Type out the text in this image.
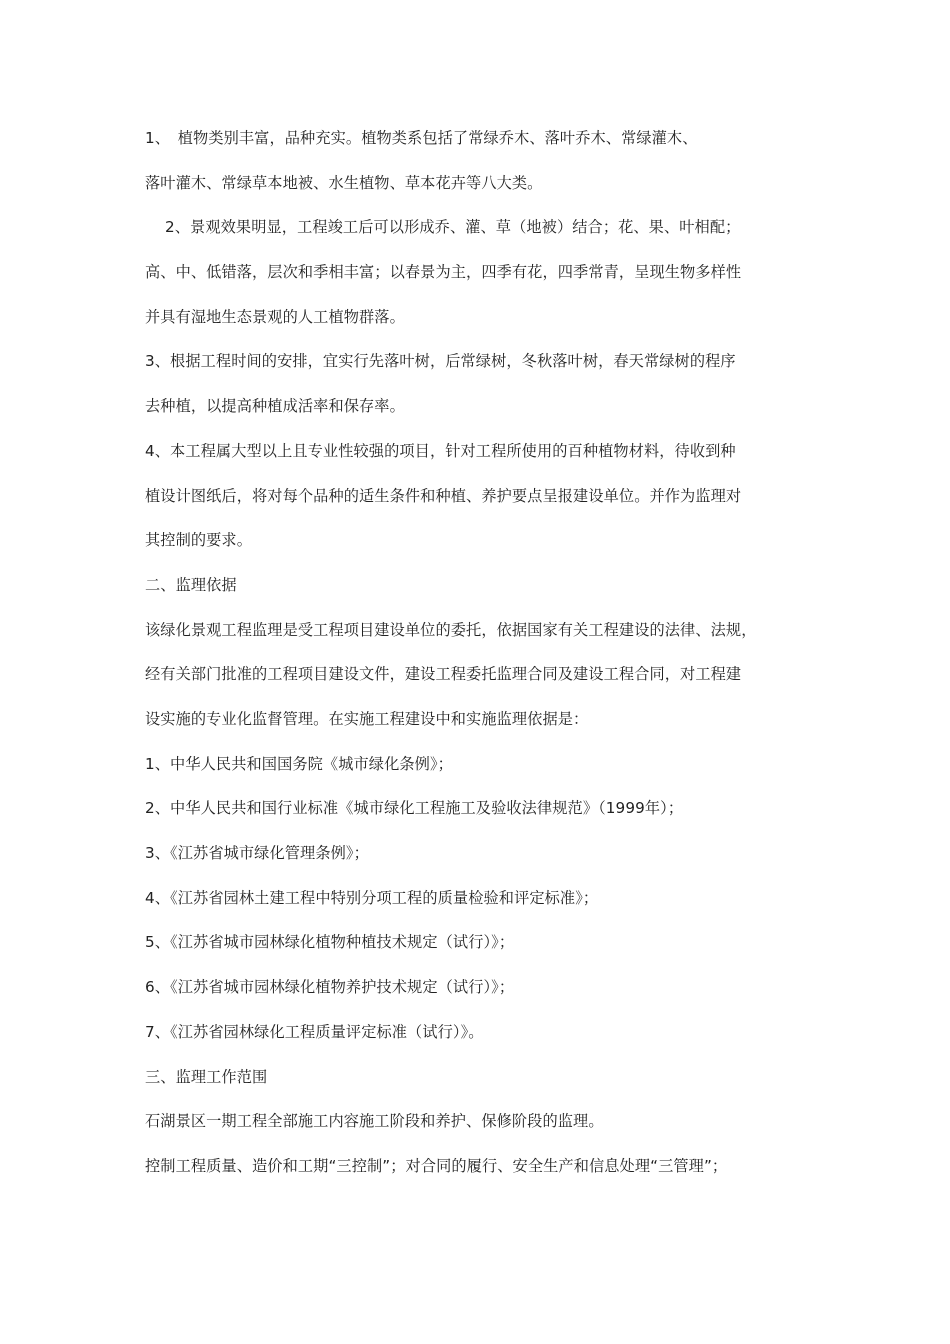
1、　植物类别丰富，品种充实。植物类系包括了常绿乔木、落叶乔木、常绿灌木、
落叶灌木、常绿草本地被、水生植物、草本花卉等八大类。
2、景观效果明显，工程竣工后可以形成乔、灌、草（地被）结合；花、果、叶相配；
高、中、低错落，层次和季相丰富；以春景为主，四季有花，四季常青，呈现生物多样性
并具有湿地生态景观的人工植物群落。
3、根据工程时间的安排，宜实行先落叶树，后常绿树，冬秋落叶树，春天常绿树的程序
去种植，以提高种植成活率和保存率。
4、本工程属大型以上且专业性较强的项目，针对工程所使用的百种植物材料，待收到种
植设计图纸后，将对每个品种的适生条件和种植、养护要点呈报建设单位。并作为监理对
其控制的要求。
二、监理依据
该绿化景观工程监理是受工程项目建设单位的委托，依据国家有关工程建设的法律、法规，
经有关部门批准的工程项目建设文件，建设工程委托监理合同及建设工程合同，对工程建
设实施的专业化监督管理。在实施工程建设中和实施监理依据是：
1、中华人民共和国国务院《城市绿化条例》；
2、中华人民共和国行业标准《城市绿化工程施工及验收法律规范》（1999年）；
3、《江苏省城市绿化管理条例》；
4、《江苏省园林土建工程中特别分项工程的质量检验和评定标准》；
5、《江苏省城市园林绿化植物种植技术规定（试行）》；
6、《江苏省城市园林绿化植物养护技术规定（试行）》；
7、《江苏省园林绿化工程质量评定标准（试行）》。
三、监理工作范围
石湖景区一期工程全部施工内容施工阶段和养护、保修阶段的监理。
控制工程质量、造价和工期“三控制”；对合同的履行、安全生产和信息处理“三管理”；
